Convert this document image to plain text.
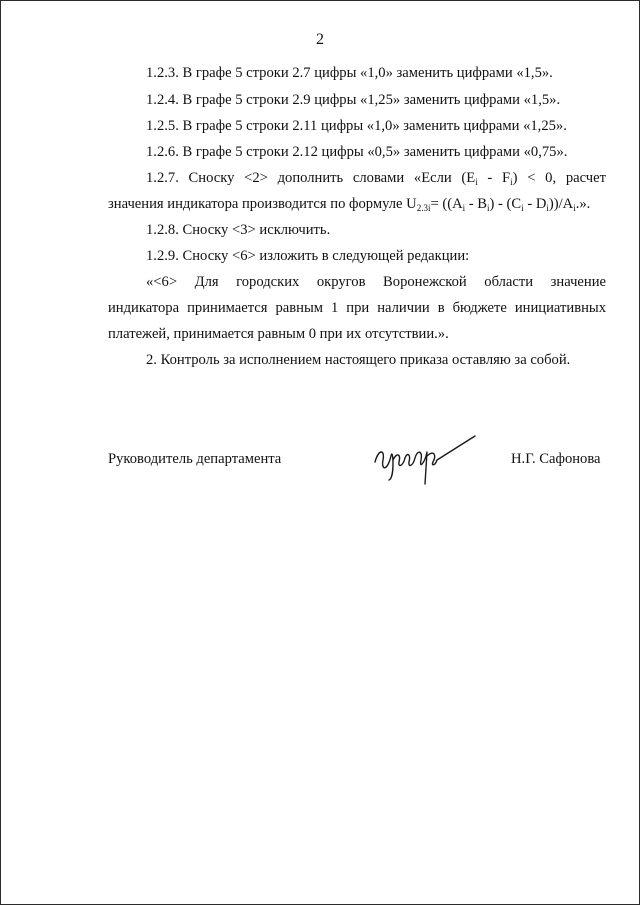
2
1.2.3. В графе 5 строки 2.7 цифры «1,0» заменить цифрами «1,5».
1.2.4. В графе 5 строки 2.9 цифры «1,25» заменить цифрами «1,5».
1.2.5. В графе 5 строки 2.11 цифры «1,0» заменить цифрами «1,25».
1.2.6. В графе 5 строки 2.12 цифры «0,5» заменить цифрами «0,75».
1.2.7. Сноску <2> дополнить словами «Если $(E_i - F_i) < 0$, расчет
значения индикатора производится по формуле $U_{2.3i}= ((A_i - B_i) - (C_i - D_i))/A_i$.».
1.2.8. Сноску <3> исключить.
1.2.9. Сноску <6> изложить в следующей редакции:
«<6> Для городских округов Воронежской области значение
индикатора принимается равным 1 при наличии в бюджете инициативных
платежей, принимается равным 0 при их отсутствии.».
2. Контроль за исполнением настоящего приказа оставляю за собой.
Руководитель департамента	Н.Г. Сафонова
